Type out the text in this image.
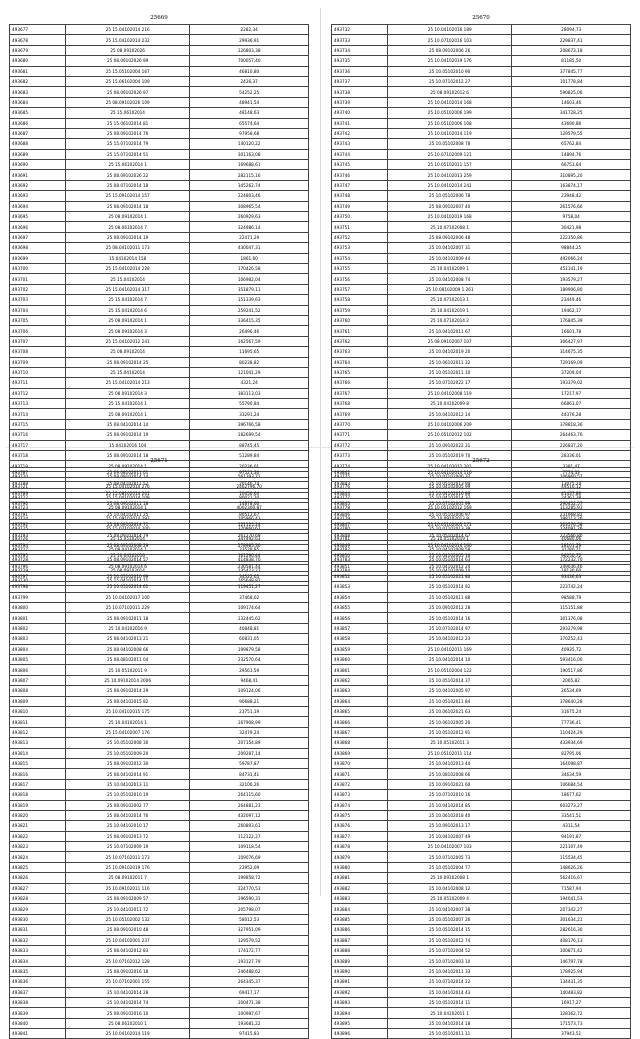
25669
493677	25 15.04102014 216	2282,34
493678	25 15.04102014 232	29936,91
493679	25 08.09102026	126803,38
493680	25 08.09102026 99	700057,40
493681	25 15.05102004 167	46810,80
493682	25 15.06102004 109	2426,37
493683	25 08.09102026 97	54252,25
493684	25 08.09102026 109	48941,54
493685	25 15.06102014	48148,63
493686	25 15.06102014 81	65574,64
493687	25 08.09102014 76	97958,68
493688	25 15.07102014 79	140120,22
493689	25 15.07102014 51	301163,08
493690	25 15.06102014 1	169688,61
493691	25 08.09102026 22	282115,16
493692	25 08.07102014 18	345262,74
493693	25 15.09102014 157	224803,46
493694	25 08.09102014 18	308965,54
493695	25 08.09102014 1	260929,63
493696	25 08.06102014 7	324986,14
493697	25 08.09102014 19	22471,29
493698	25 08.04102011 173	430047,31
493699	15.04102014 158	1861,60
493700	25 15.04102014 228	170426,58
493701	25 15.04102014	106982,04
493702	25 15.04102014 317	351879,11
493703	25 15.04102014 7	151339,63
493704	25 15.04102014 6	259241,52
493705	25 08.09102014 1	336415,35
493706	25 08.09102014 3	26496,46
493707	25 15.04102012 241	162567,59
493708	25 08.09102014	11695,65
493709	25 08.09102014 25	80238,82
493710	25 15.04102014	121041,29
493711	25 15.04102014 213	4321,24
493712	25 08.09102014 3	383113,03
493713	25 15.04102014 1	55790,84
493714	25 08.09102014 1	33291,24
493715	25 08.04102014 14	396766,58
493716	25 08.09102014 19	182699,54
493717	15.04102016 104	88745,45
493718	25 08.09102014 18	51289,84
493719	25 08.09102014 1	20236,01
493720	25 08.09102014 14	561393,71
493721	25 15.04102014 276	2462796,70
493722	25 15.04102014 108	80021,20
493723	25 08.09102014 1	4002300,87
493724	25 15.09102014 297	105966,43
493725	25 15.07102014 200	370860,67
493726	25 15.05102014	347492,63
493727	25 08.04102014 1	23528,85
493728	25 08.09102014 57	414838,70
493729	25 08.09102014	135423,27
493730	25 15.04102014 11	165648,82
25670
493732	25 10.04102016 189	28094,73
493733	25 10.07102016 103	229837,41
493734	25 08.09102006 26	208673,18
493735	25 10.04102019 176	81185,50
493736	25 10.05102010 90	377845,77
493737	25 10.07102012 27	101778,84
493738	25 08.09102012 6	590825,06
493739	25 10.04102014 168	14603,46
493740	25 10.05102006 199	341728,25
493741	25 10.05102006 108	43690,86
493742	25 10.04102014 119	129579,55
493743	25 10.05102008 78	65762,84
493744	25 10.07102009 121	14894,76
493745	25 10.05102011 157	66753,64
493746	25 10.04102013 259	310895,20
493747	25 10.04102014 241	163874,17
493748	25 10.05102006 78	23948,42
493749	25 08.09102007 40	261576,66
493750	25 10.04102019 168	9758,04
493751	25 10.07102008 1	30421,98
493752	25 08.09102006 48	222350,86
493753	25 10.04102007 31	98844,25
493754	25 10.04102009 44	492066,24
493755	25 10.04102009 1	451141,19
493756	25 10.04102008 74	193579,27
493757	25 10.08102009 1 261	189906,80
493758	25 10.07102013 1	23449,46
493759	25 10.04102019 1	19462,17
493760	25 10.07102014 2	176845,39
493761	25 10.04102011 67	16601,78
493762	25 08.09102007 107	306427,97
493763	25 10.04102019 20	314675,35
493764	25 10.06102011 32	729169,09
493765	25 10.05102011 10	37209,04
493766	25 10.07102022 17	193379,02
493767	25 10.04102008 119	17217,97
493768	25 10.04102009 8	66863,07
493769	25 10.04102012 14	44376,28
493770	25 10.04102006 209	378818,36
493771	25 10.05102012 102	264463,76
493772	25 10.09102022 31	226837,20
493773	25 10.05102019 70	28336,01
493774	25 10.04102012 201	3381,47
493775	25 10.07102006 37	106960,57
493776	25 10.04102005 99	49516,12
493777	25 10.04102014 37	24361,38
493778	25 10.05102012 169	113285,93
493779	25 10.09102012 9	198113,26
493780	25 10.07102013 39	124091,26
493781	25 10.05102019 1	40680,06
493782	25 10.04102009 58	31780,71
493783	25 10.05102014 63	172232,70
493784	25 10.04102009 10	19130,60
25671
493787	25 09.08102011 01	97521,30
493788	25 08.04102011 52	20146,74
493789	25 15.08102014 201	10450,64
493790	25 08.09102011 18	14878,60
493791	25 10.04102011 25	80512,67
493792	25 08.09102014 71	121125,24
493793	25 08.09102014 79	261270,69
493794	25 08.09102008 29	278985,30
493795	25 10.04102016	161290,44
493796	25 08.09102014 6	230581,44
493797	25 10.05102010 99	34522,65
493798	25 10.05102014 61	119451,27
493799	25 10.04102017 100	37468,02
493800	25 10.07102011 229	109174,64
493801	25 08.09102011 18	132445,62
493802	25 10.04102016 9	40848,81
493803	25 08.04102013 21	60831,05
493804	25 08.04102008 66	199879,58
493805	25 08.08102011 04	232570,64
493806	25 10.05102011 9	29561,59
493807	25 10.09102014 2006	9468,41
493808	25 08.09102014 29	109124,06
493809	25 08.04102015 82	90688,21
493810	25 10.04102015 175	23751,19
493811	25 10.04102014 1	167908,99
493812	25 15.04102007 176	32479,24
493813	25 10.05102008 30	207154,89
493814	25 10.05102009 20	209287,14
493815	25 08.09102012 30	59787,87
493816	25 08.04102014 91	84731,41
493817	25 10.04102013 11	32106,26
493818	25 10.05102010 19	264115,60
493819	25 08.09102002 77	264881,23
493820	25 08.04102014 76	432097,12
493821	25 10.04102010 17	260893,61
493822	25 08.09102013 72	112122,27
493823	25 10.07102009 19	109118,54
493824	25 10.07102011 173	109076,69
493825	25 10.09102019 176	23952,09
493826	25 08.09102011 7	199858,72
493827	25 10.09102011 116	224770,53
493828	25 08.09102009 57	196590,31
493829	25 10.04102011 72	205798,07
493830	25 10.05102002 132	58012,53
493831	25 08.09102010 48	327951,09
493832	25 10.04102001 237	129579,52
493833	25 08.04102012 83	174172,77
493834	25 10.07102012 128	193127,79
493835	25 08.09102016 18	246488,62
493836	25 10.07102001 155	264345,37
493837	25 10.04102014 28	69417,17
493838	25 10.04102014 74	100471,38
493839	25 08.09102016 10	100987,67
493840	25 08.06102010 1	193681,22
493841	25 10.04102014 119	97415,83
25672
493842	25 10.04102014 116	7774,33
493843	25 10.05102013 94	13075,24
493844	25 10.04102016 89	41437,86
493845	25 10.07102001 99	290452,57
493846	25 10.05102006 97	231968,82
493847	25 10.05102005 171	103576,58
493848	25 10.05102014 67	223566,80
493849	25 10.04102014 160	18101,29
493850	25 10.04102005 16	96250,72
493851	25 10.04102012 24	249036,46
493852	25 10.05102021 80	93436,63
493853	25 10.05102014 92	223742,24
493854	25 10.05102011 88	98588,79
493855	25 10.09102012 28	115151,88
493856	25 10.05102014 16	301376,08
493857	25 10.07102014 97	293279,98
493858	25 10.04102012 23	370252,43
493859	25 10.04102011 169	40935,72
493860	25 10.04102014 10	593416,00
493861	25 10.05102004 122	190517,86
493862	25 10.05102014 37	2065,82
493863	25 10.04102005 97	26534,69
493864	25 10.05102011 84	378640,28
493865	25 10.06102021 63	31675,24
493866	25 10.06102005 20	77736,41
493867	25 10.05102012 91	110424,29
493868	25 10.05102011 3	433934,69
493869	25 10.05102011 114	82795,06
493870	25 10.04102013 44	164098,87
493871	25 10.08102008 66	34634,59
493872	25 10.09102021 60	106684,54
493873	25 10.07102010 16	18677,62
493874	25 10.04102014 85	603273,27
493875	25 10.06102018 40	33541,51
493876	25 10.09102013 17	4311,54
493877	25 10.04102007 49	94191,87
493878	25 10.04102007 103	221107,49
493879	25 10.07102005 73	115534,45
493880	25 10.05102004 77	148626,26
493881	25 10.09102008 1	562416,67
493882	25 10.04102008 12	71587,94
493883	25 10.05102009 4	194041,53
493884	25 10.04102007 38	207342,27
493885	25 10.05102007 26	301634,21
493886	25 10.05102014 15	282616,30
493887	25 10.05102012 74	408176,13
493888	25 10.07102004 52	100871,42
493889	25 10.07102003 10	146797,78
493890	25 10.04102011 33	178925,94
493891	25 10.07102014 22	134431,35
493892	25 10.04102014 43	140483,82
493893	25 10.05102014 11	16917,27
493894	25 10.04102011 1	128362,72
493895	25 10.04102014 18	171573,73
493896	25 10.05102011 11	37943,51
